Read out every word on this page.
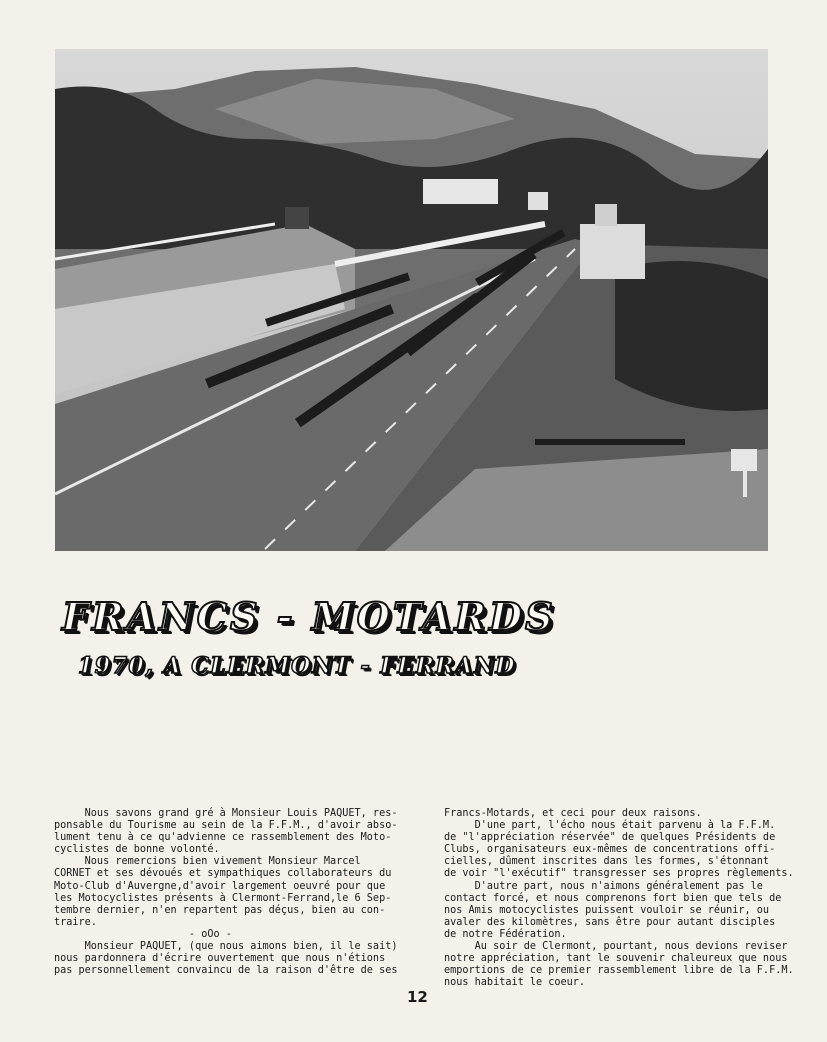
FRANCS - MOTARDS
1970, A CLERMONT - FERRAND
Nous savons grand gré à Monsieur Louis PAQUET, res-
ponsable du Tourisme au sein de la F.F.M., d'avoir abso-
lument tenu à ce qu'advienne ce rassemblement des Moto-
cyclistes de bonne volonté.
Nous remercions bien vivement Monsieur Marcel
CORNET et ses dévoués et sympathiques collaborateurs du
Moto-Club d'Auvergne,d'avoir largement oeuvré pour que
les Motocyclistes présents à Clermont-Ferrand,le 6 Sep-
tembre dernier, n'en repartent pas déçus, bien au con-
traire.
- oOo -
Monsieur PAQUET, (que nous aimons bien, il le sait)
nous pardonnera d'écrire ouvertement que nous n'étions
pas personnellement convaincu de la raison d'être de ses
Francs-Motards, et ceci pour deux raisons.
D'une part, l'écho nous était parvenu à la F.F.M.
de "l'appréciation réservée" de quelques Présidents de
Clubs, organisateurs eux-mêmes de concentrations offi-
cielles, dûment inscrites dans les formes, s'étonnant
de voir "l'exécutif" transgresser ses propres règlements.
D'autre part, nous n'aimons généralement pas le
contact forcé, et nous comprenons fort bien que tels de
nos Amis motocyclistes puissent vouloir se réunir, ou
avaler des kilomètres, sans être pour autant disciples
de notre Fédération.
Au soir de Clermont, pourtant, nous devions reviser
notre appréciation, tant le souvenir chaleureux que nous
emportions de ce premier rassemblement libre de la F.F.M.
nous habitait le coeur.
12
